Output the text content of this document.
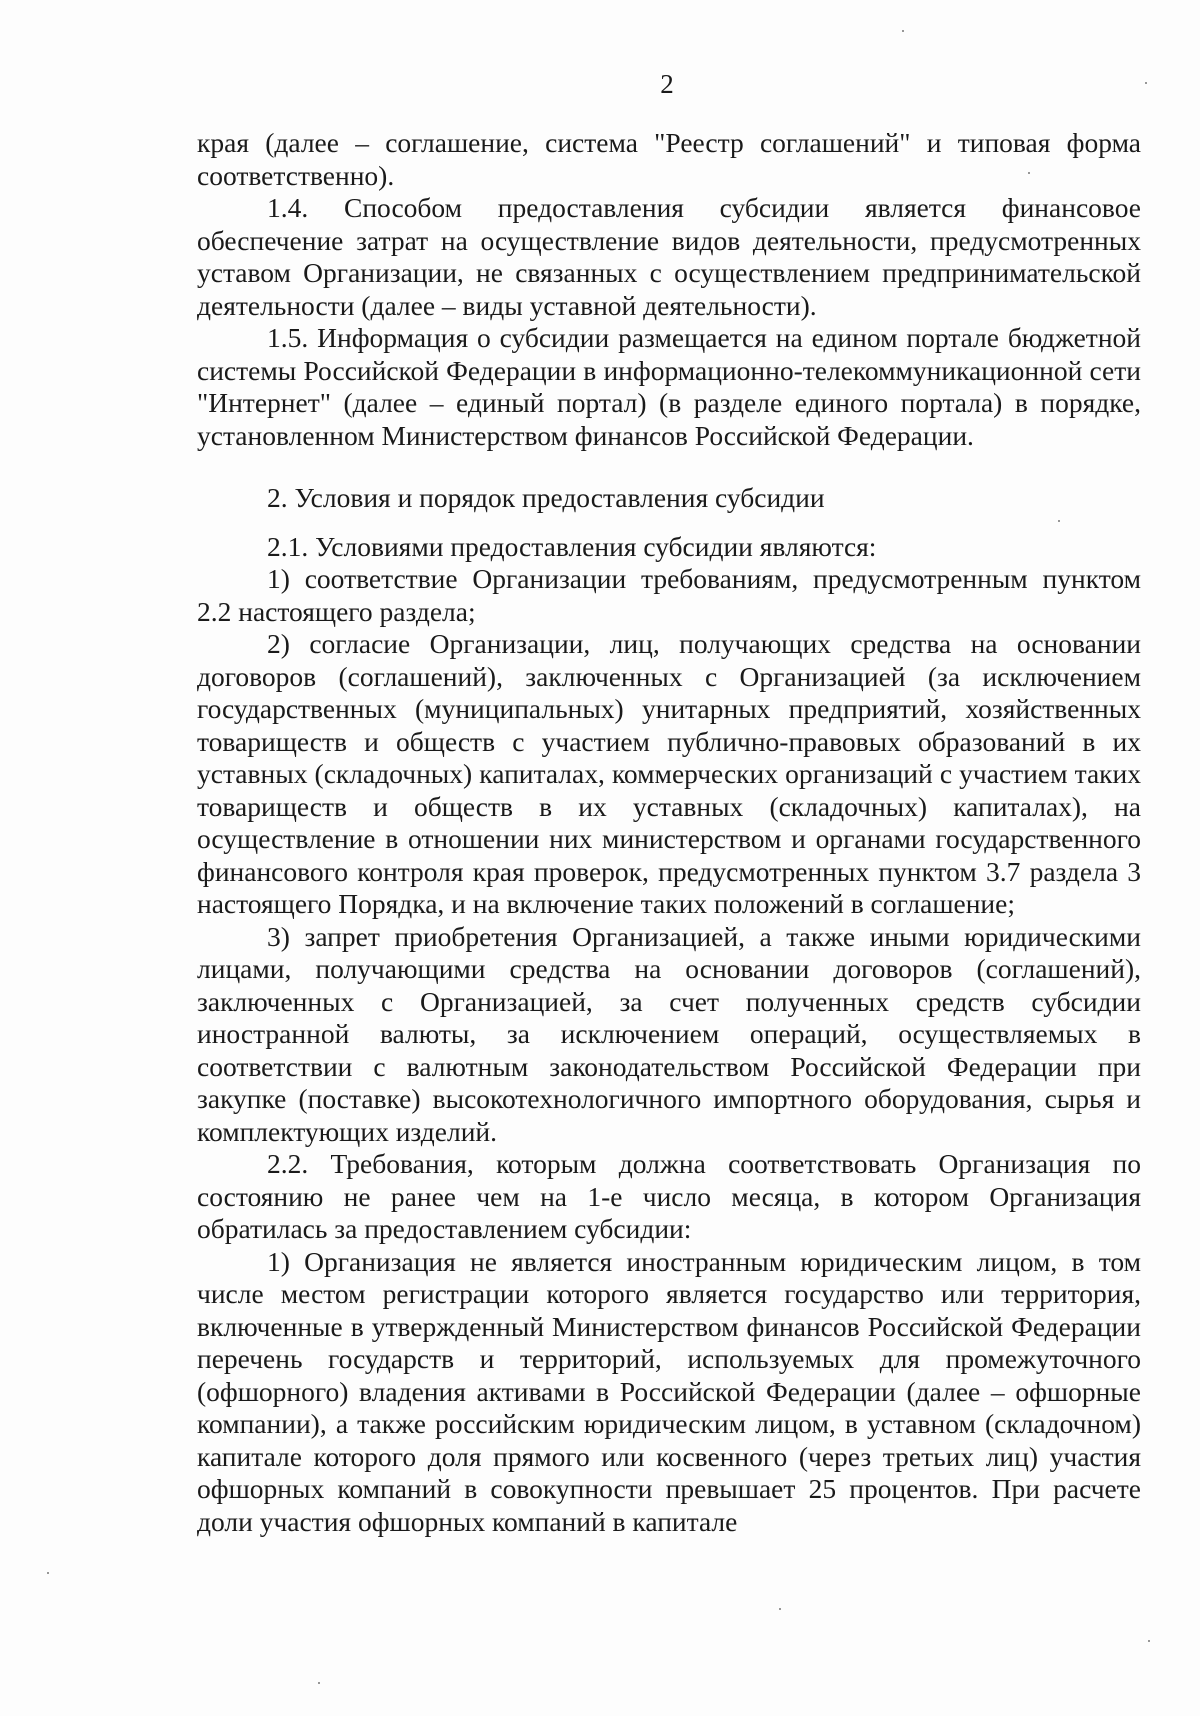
2

края (далее – соглашение, система "Реестр соглашений" и типовая форма соответственно).

1.4. Способом предоставления субсидии является финансовое обеспечение затрат на осуществление видов деятельности, предусмотренных уставом Организации, не связанных с осуществлением предпринимательской деятельности (далее – виды уставной деятельности).

1.5. Информация о субсидии размещается на едином портале бюджетной системы Российской Федерации в информационно-телекоммуникационной сети "Интернет" (далее – единый портал) (в разделе единого портала) в порядке, установленном Министерством финансов Российской Федерации.

2. Условия и порядок предоставления субсидии

2.1. Условиями предоставления субсидии являются:

1) соответствие Организации требованиям, предусмотренным пунктом 2.2 настоящего раздела;

2) согласие Организации, лиц, получающих средства на основании договоров (соглашений), заключенных с Организацией (за исключением государственных (муниципальных) унитарных предприятий, хозяйственных товариществ и обществ с участием публично-правовых образований в их уставных (складочных) капиталах, коммерческих организаций с участием таких товариществ и обществ в их уставных (складочных) капиталах), на осуществление в отношении них министерством и органами государственного финансового контроля края проверок, предусмотренных пунктом 3.7 раздела 3 настоящего Порядка, и на включение таких положений в соглашение;

3) запрет приобретения Организацией, а также иными юридическими лицами, получающими средства на основании договоров (соглашений), заключенных с Организацией, за счет полученных средств субсидии иностранной валюты, за исключением операций, осуществляемых в соответствии с валютным законодательством Российской Федерации при закупке (поставке) высокотехнологичного импортного оборудования, сырья и комплектующих изделий.

2.2. Требования, которым должна соответствовать Организация по состоянию не ранее чем на 1-е число месяца, в котором Организация обратилась за предоставлением субсидии:

1) Организация не является иностранным юридическим лицом, в том числе местом регистрации которого является государство или территория, включенные в утвержденный Министерством финансов Российской Федерации перечень государств и территорий, используемых для промежуточного (офшорного) владения активами в Российской Федерации (далее – офшорные компании), а также российским юридическим лицом, в уставном (складочном) капитале которого доля прямого или косвенного (через третьих лиц) участия офшорных компаний в совокупности превышает 25 процентов. При расчете доли участия офшорных компаний в капитале
